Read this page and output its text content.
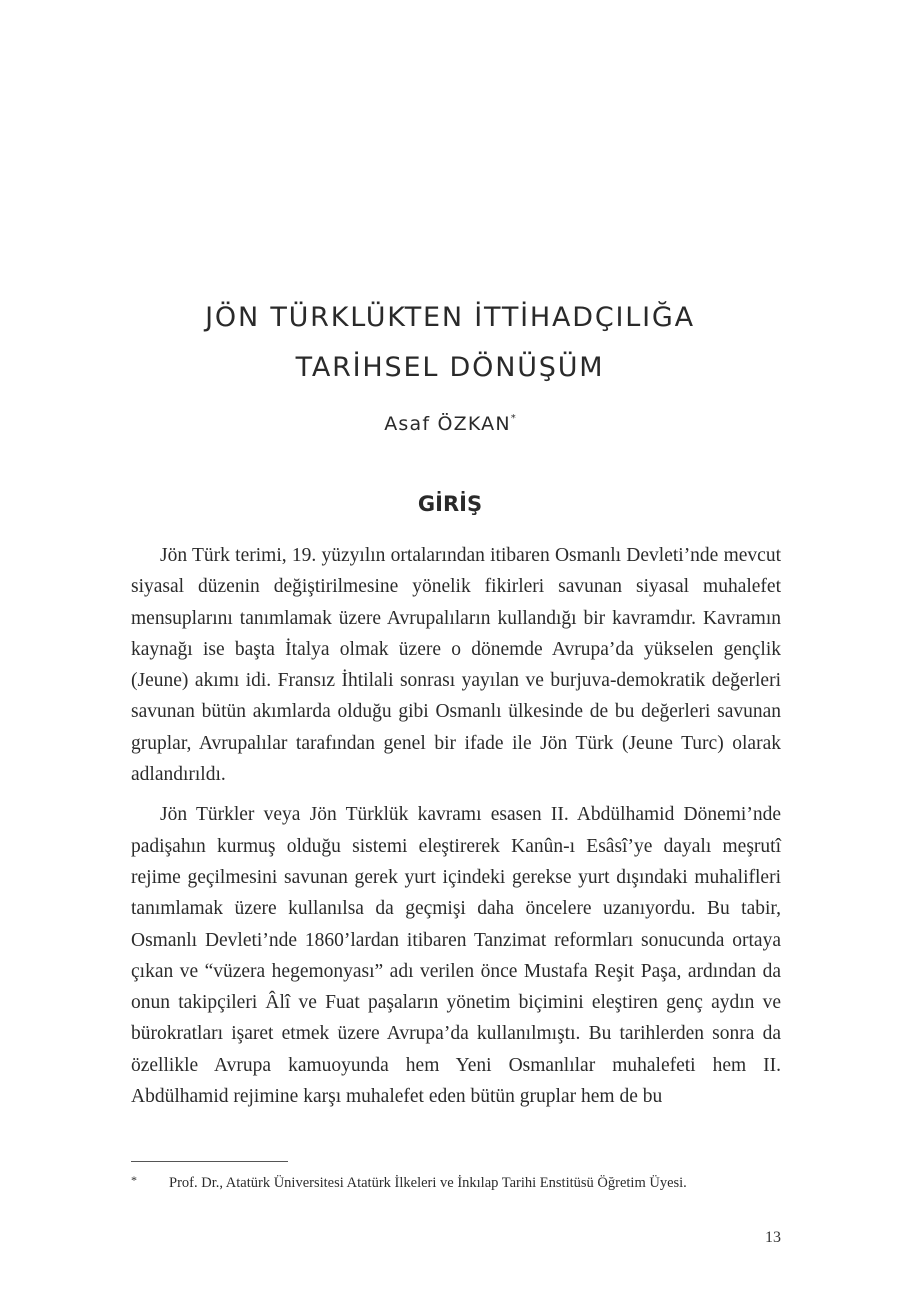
JÖN TÜRKLÜKTEN İTTİHADÇILIĞA
TARİHSEL DÖNÜŞÜM
Asaf ÖZKAN*
GİRİŞ

Jön Türk terimi, 19. yüzyılın ortalarından itibaren Osmanlı Devleti’nde mevcut siyasal düzenin değiştirilmesine yönelik fikirleri savunan siyasal muhalefet mensuplarını tanımlamak üzere Avrupalıların kullandığı bir kavramdır. Kavramın kaynağı ise başta İtalya olmak üzere o dönemde Avrupa’da yükselen gençlik (Jeune) akımı idi. Fransız İhtilali sonrası yayılan ve burjuva-demokratik değerleri savunan bütün akımlarda olduğu gibi Osmanlı ülkesinde de bu değerleri savunan gruplar, Avrupalılar tarafından genel bir ifade ile Jön Türk (Jeune Turc) olarak adlandırıldı.

Jön Türkler veya Jön Türklük kavramı esasen II. Abdülhamid Dönemi’nde padişahın kurmuş olduğu sistemi eleştirerek Kanûn-ı Esâsî’ye dayalı meşrutî rejime geçilmesini savunan gerek yurt içindeki gerekse yurt dışındaki muhalifleri tanımlamak üzere kullanılsa da geçmişi daha öncelere uzanıyordu. Bu tabir, Osmanlı Devleti’nde 1860’lardan itibaren Tanzimat reformları sonucunda ortaya çıkan ve “vüzera hegemonyası” adı verilen önce Mustafa Reşit Paşa, ardından da onun takipçileri Âlî ve Fuat paşaların yönetim biçimini eleştiren genç aydın ve bürokratları işaret etmek üzere Avrupa’da kullanılmıştı. Bu tarihlerden sonra da özellikle Avrupa kamuoyunda hem Yeni Osmanlılar muhalefeti hem II. Abdülhamid rejimine karşı muhalefet eden bütün gruplar hem de bu

* Prof. Dr., Atatürk Üniversitesi Atatürk İlkeleri ve İnkılap Tarihi Enstitüsü Öğretim Üyesi.
13
